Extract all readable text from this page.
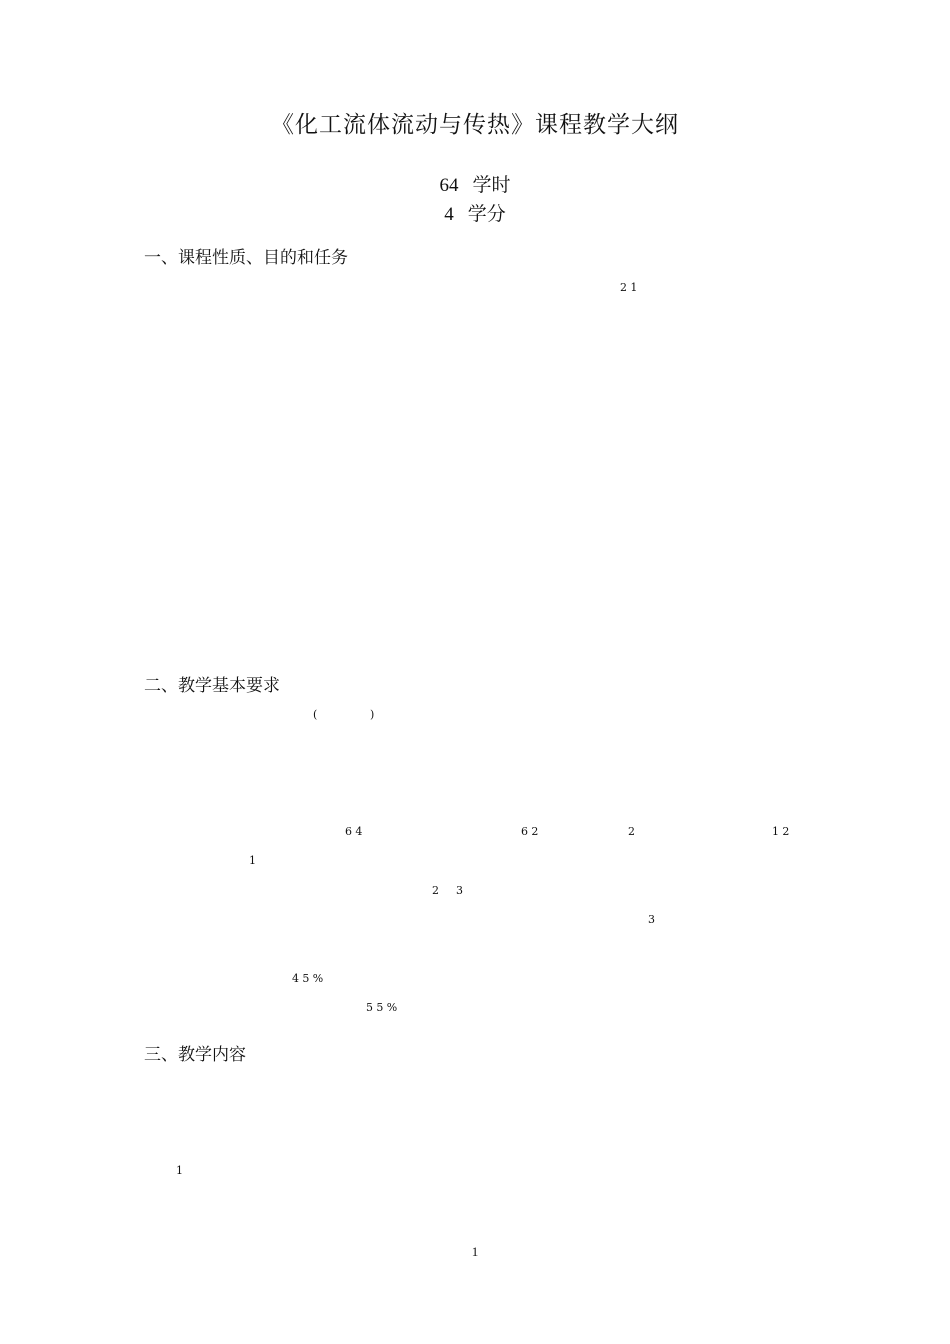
《化工流体流动与传热》课程教学大纲
64 学时
4 学分
一、课程性质、目的和任务
21
二、教学基本要求
(	)
64	62	2	12
1
2 3
3
45%
55%
三、教学内容
1
1
